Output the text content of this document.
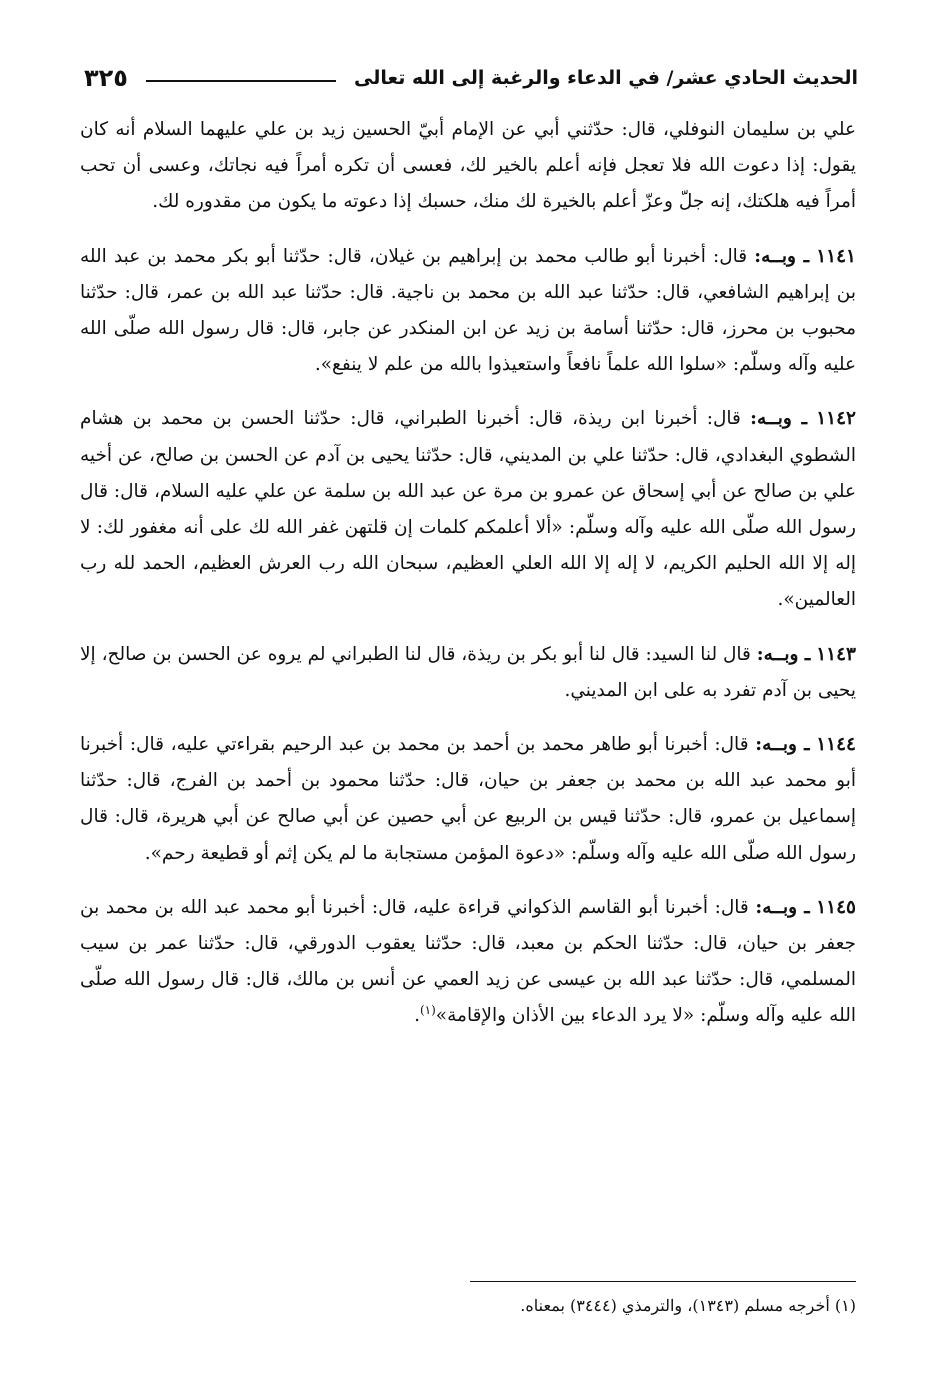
٣٢٥	الحديث الحادي عشر/ في الدعاء والرغبة إلى الله تعالى

علي بن سليمان النوفلي، قال: حدّثني أبي عن الإمام أبيّ الحسين زيد بن علي عليهما السلام أنه كان يقول: إذا دعوت الله فلا تعجل فإنه أعلم بالخير لك، فعسى أن تكره أمراً فيه نجاتك، وعسى أن تحب أمراً فيه هلكتك، إنه جلّ وعزّ أعلم بالخيرة لك منك، حسبك إذا دعوته ما يكون من مقدوره لك.

١١٤١ ـ وبــه: قال: أخبرنا أبو طالب محمد بن إبراهيم بن غيلان، قال: حدّثنا أبو بكر محمد بن عبد الله بن إبراهيم الشافعي، قال: حدّثنا عبد الله بن محمد بن ناجية. قال: حدّثنا عبد الله بن عمر، قال: حدّثنا محبوب بن محرز، قال: حدّثنا أسامة بن زيد عن ابن المنكدر عن جابر، قال: قال رسول الله صلّى الله عليه وآله وسلّم: «سلوا الله علماً نافعاً واستعيذوا بالله من علم لا ينفع».

١١٤٢ ـ وبــه: قال: أخبرنا ابن ريذة، قال: أخبرنا الطبراني، قال: حدّثنا الحسن بن محمد بن هشام الشطوي البغدادي، قال: حدّثنا علي بن المديني، قال: حدّثنا يحيى بن آدم عن الحسن بن صالح، عن أخيه علي بن صالح عن أبي إسحاق عن عمرو بن مرة عن عبد الله بن سلمة عن علي عليه السلام، قال: قال رسول الله صلّى الله عليه وآله وسلّم: «ألا أعلمكم كلمات إن قلتهن غفر الله لك على أنه مغفور لك: لا إله إلا الله الحليم الكريم، لا إله إلا الله العلي العظيم، سبحان الله رب العرش العظيم، الحمد لله رب العالمين».

١١٤٣ ـ وبــه: قال لنا السيد: قال لنا أبو بكر بن ريذة، قال لنا الطبراني لم يروه عن الحسن بن صالح، إلا يحيى بن آدم تفرد به على ابن المديني.

١١٤٤ ـ وبــه: قال: أخبرنا أبو طاهر محمد بن أحمد بن محمد بن عبد الرحيم بقراءتي عليه، قال: أخبرنا أبو محمد عبد الله بن محمد بن جعفر بن حيان، قال: حدّثنا محمود بن أحمد بن الفرج، قال: حدّثنا إسماعيل بن عمرو، قال: حدّثنا قيس بن الربيع عن أبي حصين عن أبي صالح عن أبي هريرة، قال: قال رسول الله صلّى الله عليه وآله وسلّم: «دعوة المؤمن مستجابة ما لم يكن إثم أو قطيعة رحم».

١١٤٥ ـ وبــه: قال: أخبرنا أبو القاسم الذكواني قراءة عليه، قال: أخبرنا أبو محمد عبد الله بن محمد بن جعفر بن حيان، قال: حدّثنا الحكم بن معبد، قال: حدّثنا يعقوب الدورقي، قال: حدّثنا عمر بن سيب المسلمي، قال: حدّثنا عبد الله بن عيسى عن زيد العمي عن أنس بن مالك، قال: قال رسول الله صلّى الله عليه وآله وسلّم: «لا يرد الدعاء بين الأذان والإقامة»$^{(١)}$.

(١) أخرجه مسلم (١٣٤٣)، والترمذي (٣٤٤٤) بمعناه.
